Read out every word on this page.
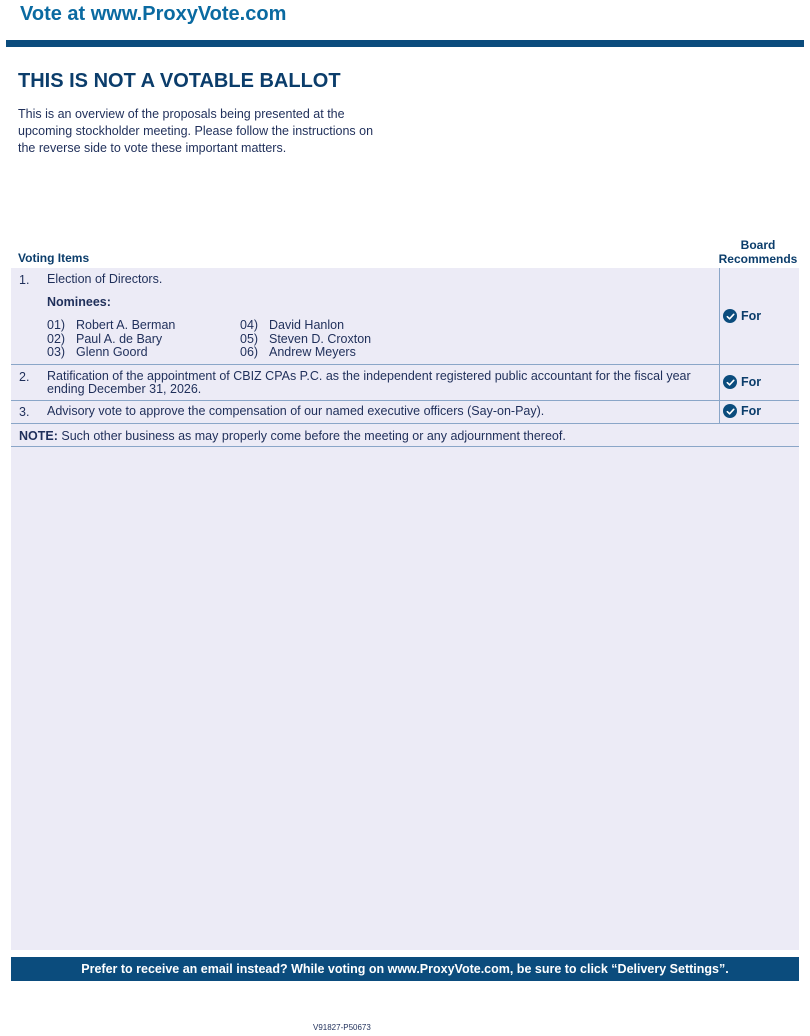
Vote at www.ProxyVote.com
THIS IS NOT A VOTABLE BALLOT
This is an overview of the proposals being presented at the
upcoming stockholder meeting. Please follow the instructions on
the reverse side to vote these important matters.
Voting Items
Board
Recommends
1. Election of Directors.
Nominees:
01) Robert A. Berman
02) Paul A. de Bary
03) Glenn Goord
04) David Hanlon
05) Steven D. Croxton
06) Andrew Meyers
For
2. Ratification of the appointment of CBIZ CPAs P.C. as the independent registered public accountant for the fiscal year
ending December 31, 2026.	For
3. Advisory vote to approve the compensation of our named executive officers (Say-on-Pay).	For
NOTE: Such other business as may properly come before the meeting or any adjournment thereof.
Prefer to receive an email instead? While voting on www.ProxyVote.com, be sure to click “Delivery Settings”.
V91827-P50673
